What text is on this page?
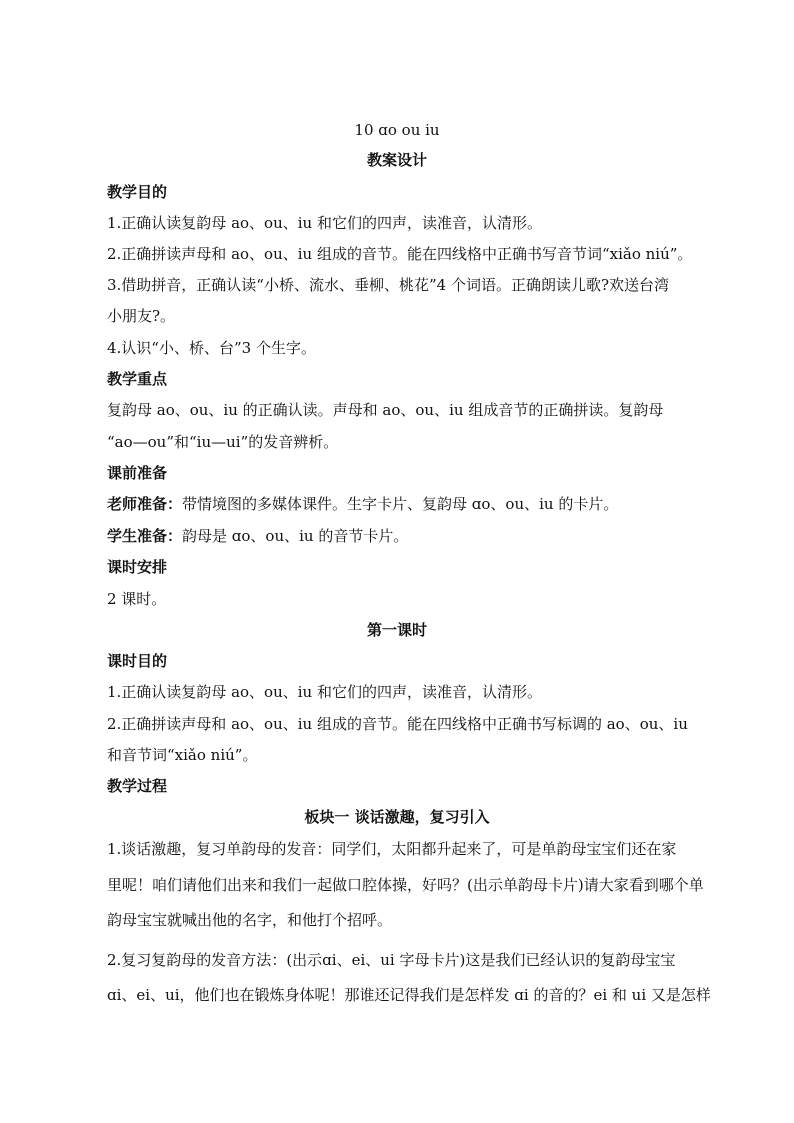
10 ɑo ou iu
教案设计
教学目的
1.正确认读复韵母 ao、ou、iu 和它们的四声，读准音，认清形。
2.正确拼读声母和 ao、ou、iu 组成的音节。能在四线格中正确书写音节词“xiǎo niú”。
3.借助拼音，正确认读“小桥、流水、垂柳、桃花”4 个词语。正确朗读儿歌?欢送台湾
小朋友?。
4.认识“小、桥、台”3 个生字。
教学重点
复韵母 ao、ou、iu 的正确认读。声母和 ao、ou、iu 组成音节的正确拼读。复韵母
“ao—ou”和“iu—ui”的发音辨析。
课前准备
老师准备：带情境图的多媒体课件。生字卡片、复韵母 ɑo、ou、iu 的卡片。
学生准备：韵母是 ɑo、ou、iu 的音节卡片。
课时安排
2 课时。
第一课时
课时目的
1.正确认读复韵母 ao、ou、iu 和它们的四声，读准音，认清形。
2.正确拼读声母和 ao、ou、iu 组成的音节。能在四线格中正确书写标调的 ao、ou、iu
和音节词“xiǎo niú”。
教学过程
板块一 谈话激趣，复习引入
1.谈话激趣，复习单韵母的发音：同学们，太阳都升起来了，可是单韵母宝宝们还在家
里呢！咱们请他们出来和我们一起做口腔体操，好吗？(出示单韵母卡片)请大家看到哪个单
韵母宝宝就喊出他的名字，和他打个招呼。
2.复习复韵母的发音方法：(出示ɑi、ei、ui 字母卡片)这是我们已经认识的复韵母宝宝
ɑi、ei、ui，他们也在锻炼身体呢！那谁还记得我们是怎样发 ɑi 的音的？ei 和 ui 又是怎样
